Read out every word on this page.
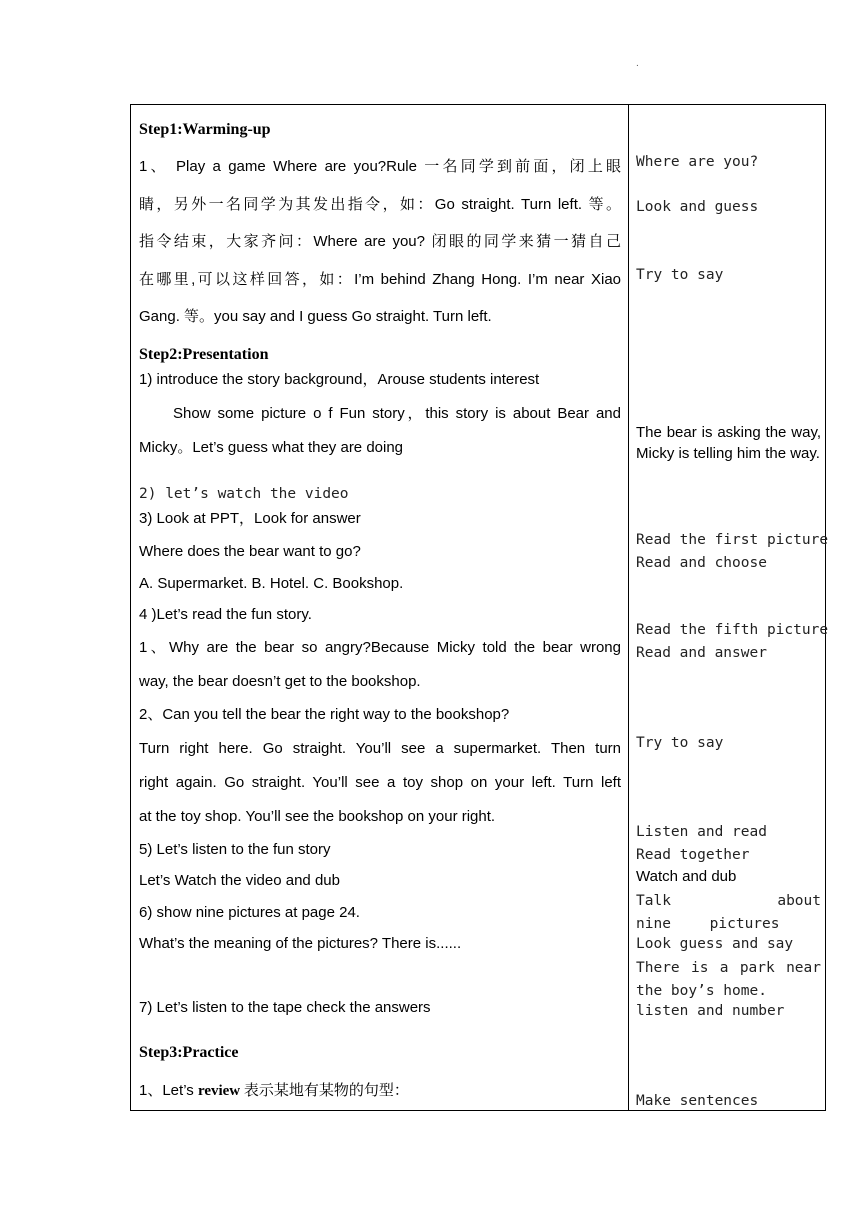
.
Step1:Warming-up
1、 Play a game Where are you?Rule 一名同学到前面，闭上眼
睛，另外一名同学为其发出指令，如：Go straight. Turn left. 等。
指令结束，大家齐问：Where are you? 闭眼的同学来猜一猜自己
在哪里,可以这样回答，如：I’m behind Zhang Hong. I’m near Xiao
Gang. 等。you say and I guess Go straight. Turn left.
Step2:Presentation
1) introduce the story background，Arouse students interest
Show some picture o f Fun story，this story is about Bear and
Micky。Let’s guess what they are doing
2) let’s watch the video
3) Look at PPT，Look for answer
Where does the bear want to go?
A. Supermarket. B. Hotel. C. Bookshop.
4 )Let’s read the fun story.
1、Why are the bear so angry?Because Micky told the bear wrong
way, the bear doesn’t get to the bookshop.
2、Can you tell the bear the right way to the bookshop?
Turn right here. Go straight. You’ll see a supermarket. Then turn
right again. Go straight. You’ll see a toy shop on your left. Turn left
at the toy shop. You’ll see the bookshop on your right.
5) Let’s listen to the fun story
Let’s Watch the video and dub
6) show nine pictures at page 24.
What’s the meaning of the pictures? There is......
7) Let’s listen to the tape check the answers
Step3:Practice
1、Let’s review 表示某地有某物的句型：
Where are you?
Look and guess
Try to say
The bear is asking the way, Micky is telling him the way.
Read the first picture
Read and choose
Read the fifth picture
Read and answer
Try to say
Listen and read
Read together
Watch and dub
Talk about nine pictures
Look guess and say
There is a park near the boy’s home.
listen and number
Make sentences
